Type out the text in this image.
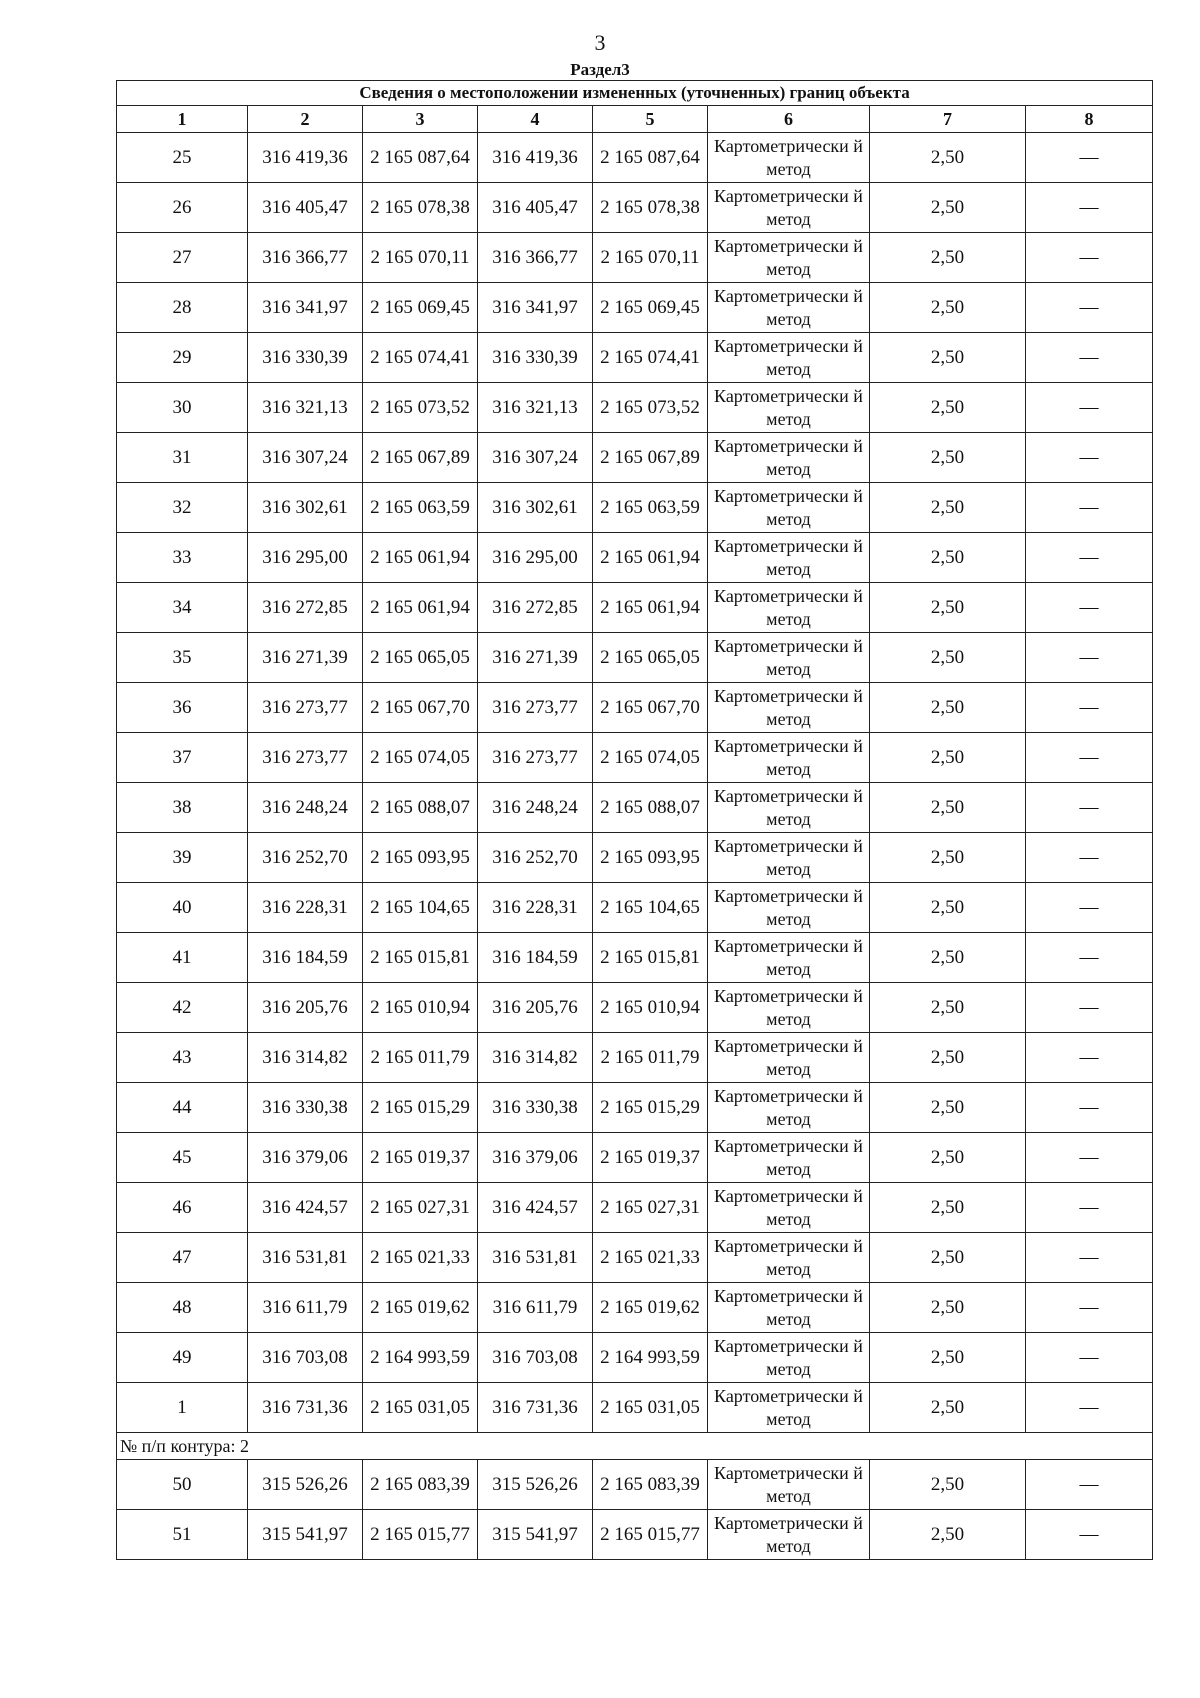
3
Раздел3
Сведения о местоположении измененных (уточненных) границ объекта							
1	2	3	4	5	6	7	8
25	316 419,36	2 165 087,64	316 419,36	2 165 087,64	Картометрически й метод	2,50	—
26	316 405,47	2 165 078,38	316 405,47	2 165 078,38	Картометрически й метод	2,50	—
27	316 366,77	2 165 070,11	316 366,77	2 165 070,11	Картометрически й метод	2,50	—
28	316 341,97	2 165 069,45	316 341,97	2 165 069,45	Картометрически й метод	2,50	—
29	316 330,39	2 165 074,41	316 330,39	2 165 074,41	Картометрически й метод	2,50	—
30	316 321,13	2 165 073,52	316 321,13	2 165 073,52	Картометрически й метод	2,50	—
31	316 307,24	2 165 067,89	316 307,24	2 165 067,89	Картометрически й метод	2,50	—
32	316 302,61	2 165 063,59	316 302,61	2 165 063,59	Картометрически й метод	2,50	—
33	316 295,00	2 165 061,94	316 295,00	2 165 061,94	Картометрически й метод	2,50	—
34	316 272,85	2 165 061,94	316 272,85	2 165 061,94	Картометрически й метод	2,50	—
35	316 271,39	2 165 065,05	316 271,39	2 165 065,05	Картометрически й метод	2,50	—
36	316 273,77	2 165 067,70	316 273,77	2 165 067,70	Картометрически й метод	2,50	—
37	316 273,77	2 165 074,05	316 273,77	2 165 074,05	Картометрически й метод	2,50	—
38	316 248,24	2 165 088,07	316 248,24	2 165 088,07	Картометрически й метод	2,50	—
39	316 252,70	2 165 093,95	316 252,70	2 165 093,95	Картометрически й метод	2,50	—
40	316 228,31	2 165 104,65	316 228,31	2 165 104,65	Картометрически й метод	2,50	—
41	316 184,59	2 165 015,81	316 184,59	2 165 015,81	Картометрически й метод	2,50	—
42	316 205,76	2 165 010,94	316 205,76	2 165 010,94	Картометрически й метод	2,50	—
43	316 314,82	2 165 011,79	316 314,82	2 165 011,79	Картометрически й метод	2,50	—
44	316 330,38	2 165 015,29	316 330,38	2 165 015,29	Картометрически й метод	2,50	—
45	316 379,06	2 165 019,37	316 379,06	2 165 019,37	Картометрически й метод	2,50	—
46	316 424,57	2 165 027,31	316 424,57	2 165 027,31	Картометрически й метод	2,50	—
47	316 531,81	2 165 021,33	316 531,81	2 165 021,33	Картометрически й метод	2,50	—
48	316 611,79	2 165 019,62	316 611,79	2 165 019,62	Картометрически й метод	2,50	—
49	316 703,08	2 164 993,59	316 703,08	2 164 993,59	Картометрически й метод	2,50	—
1	316 731,36	2 165 031,05	316 731,36	2 165 031,05	Картометрически й метод	2,50	—
№ п/п контура: 2							
50	315 526,26	2 165 083,39	315 526,26	2 165 083,39	Картометрически й метод	2,50	—
51	315 541,97	2 165 015,77	315 541,97	2 165 015,77	Картометрически й метод	2,50	—
